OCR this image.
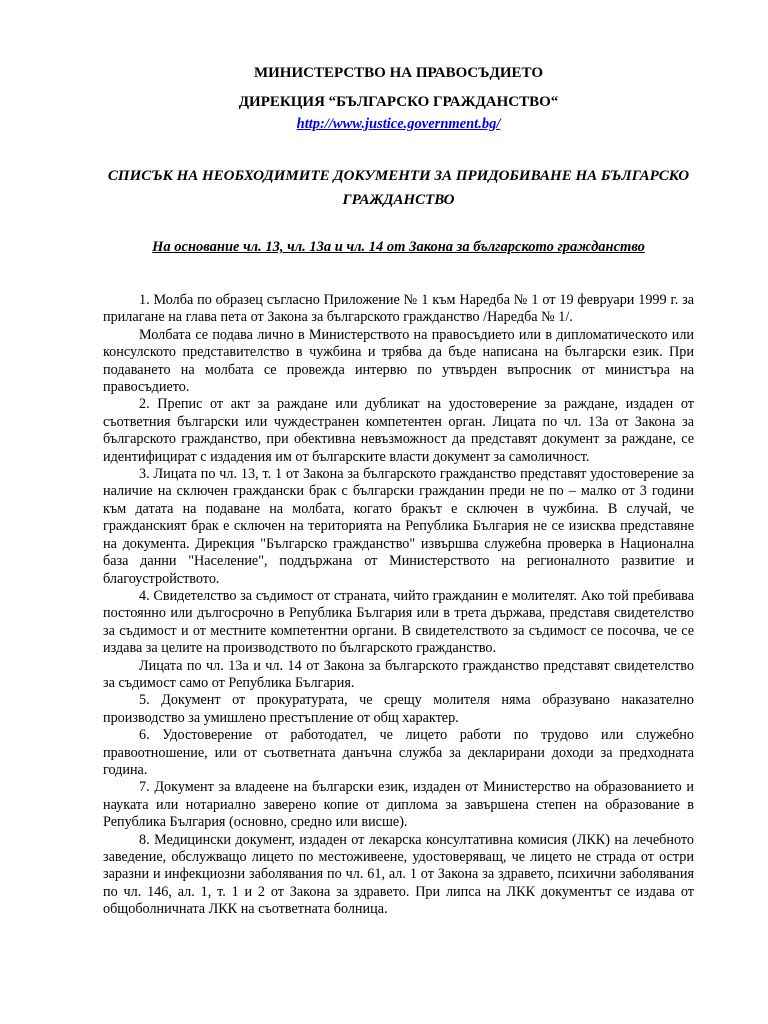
МИНИСТЕРСТВО НА ПРАВОСЪДИЕТО
ДИРЕКЦИЯ “БЪЛГАРСКО ГРАЖДАНСТВО“
http://www.justice.government.bg/
СПИСЪК НА НЕОБХОДИМИТЕ ДОКУМЕНТИ ЗА ПРИДОБИВАНЕ НА БЪЛГАРСКО ГРАЖДАНСТВО
На основание чл. 13, чл. 13а и чл. 14 от Закона за българското гражданство

1. Молба по образец съгласно Приложение № 1 към Наредба № 1 от 19 февруари 1999 г. за прилагане на глава пета от Закона за българското гражданство /Наредба № 1/.

Молбата се подава лично в Министерството на правосъдието или в дипломатическото или консулското представителство в чужбина и трябва да бъде написана на български език. При подаването на молбата се провежда интервю по утвърден въпросник от министъра на правосъдието.

2. Препис от акт за раждане или дубликат на удостоверение за раждане, издаден от съответния български или чуждестранен компетентен орган. Лицата по чл. 13а от Закона за българското гражданство, при обективна невъзможност да представят документ за раждане, се идентифицират с издадения им от българските власти документ за самоличност.

3. Лицата по чл. 13, т. 1 от Закона за българското гражданство представят удостоверение за наличие на сключен граждански брак с български гражданин преди не по – малко от 3 години към датата на подаване на молбата, когато бракът е сключен в чужбина. В случай, че гражданският брак е сключен на територията на Република България не се изисква представяне на документа. Дирекция "Българско гражданство" извършва служебна проверка в Национална база данни "Население", поддържана от Министерството на регионалното развитие и благоустройството.

4. Свидетелство за съдимост от страната, чийто гражданин е молителят. Ако той пребивава постоянно или дългосрочно в Република България или в трета държава, представя свидетелство за съдимост и от местните компетентни органи. В свидетелството за съдимост се посочва, че се издава за целите на производството по българското гражданство.

Лицата по чл. 13а и чл. 14 от Закона за българското гражданство представят свидетелство за съдимост само от Република България.

5. Документ от прокуратурата, че срещу молителя няма образувано наказателно производство за умишлено престъпление от общ характер.

6. Удостоверение от работодател, че лицето работи по трудово или служебно правоотношение, или от съответната данъчна служба за декларирани доходи за предходната година.

7. Документ за владеене на български език, издаден от Министерство на образованието и науката или нотариално заверено копие от диплома за завършена степен на образование в Република България (основно, средно или висше).

8. Медицински документ, издаден от лекарска консултативна комисия (ЛКК) на лечебното заведение, обслужващо лицето по местоживеене, удостоверяващ, че лицето не страда от остри заразни и инфекциозни заболявания по чл. 61, ал. 1 от Закона за здравето, психични заболявания по чл. 146, ал. 1, т. 1 и 2 от Закона за здравето. При липса на ЛКК документът се издава от общоболничната ЛКК на съответната болница.
